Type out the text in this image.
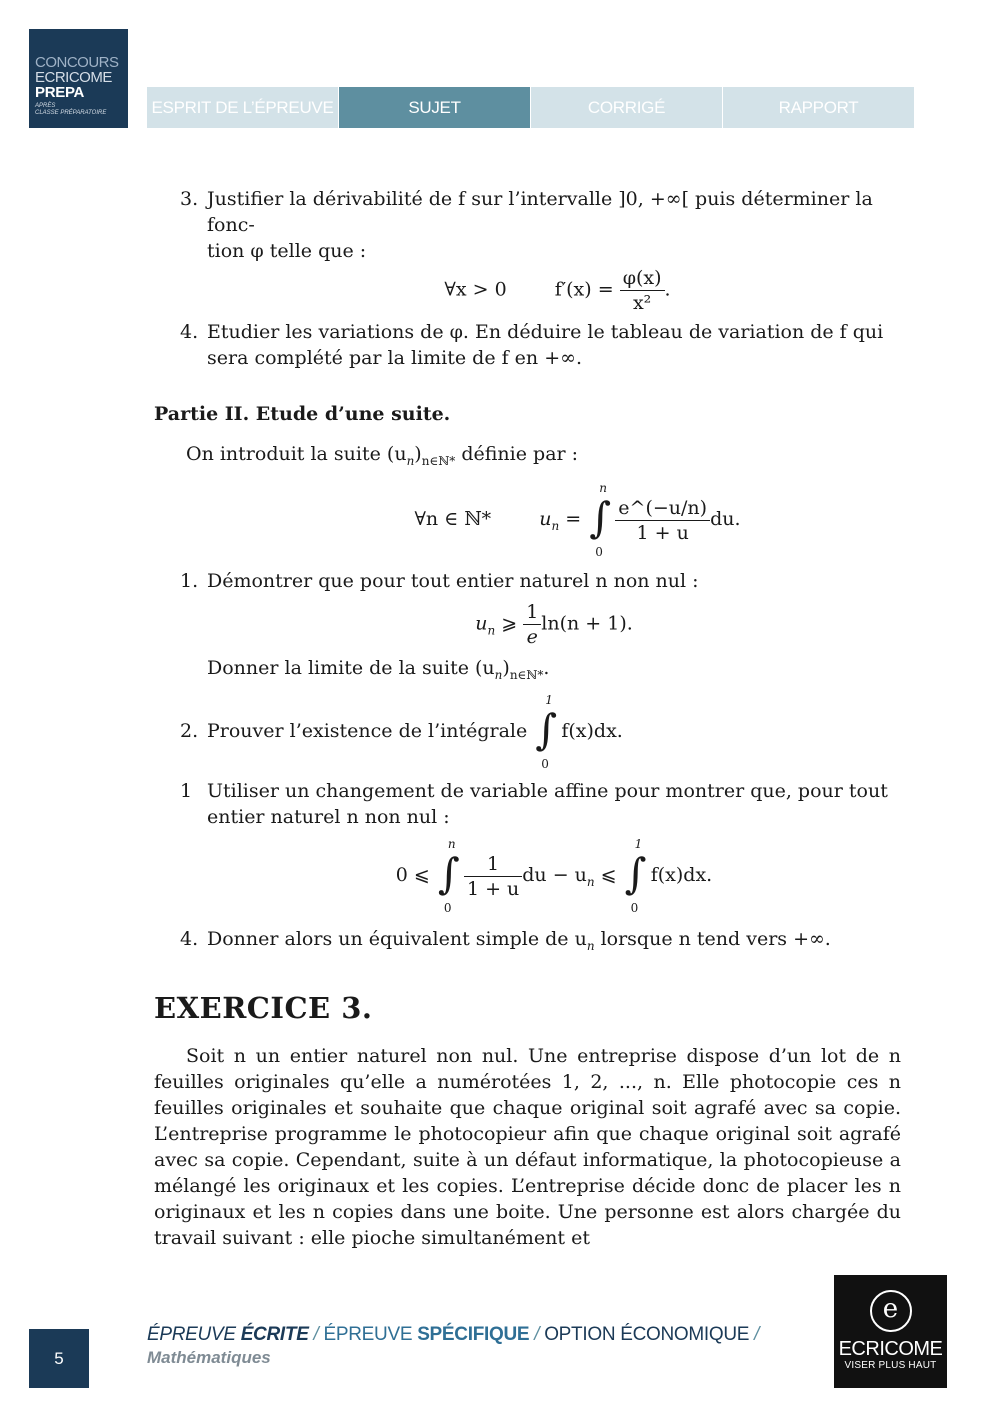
CONCOURS
ECRICOME
PREPA
APRÈS
CLASSE PRÉPARATOIRE	ESPRIT DE L’ÉPREUVE	SUJET	CORRIGÉ	RAPPORT
3. Justifier la dérivabilité de f sur l’intervalle ]0, +∞[ puis déterminer la fonc-
tion φ telle que :
∀x > 0	$f'(x) = \frac{\varphi(x)}{\text{x²}}$ .
4. Etudier les variations de φ. En déduire le tableau de variation de f qui sera complété par la limite de f en +∞.
Partie II. Etude d’une suite.
On introduit la suite $(u_n)_{n\in ℕ*}$ définie par :
∀n ∈ ℕ*	$u_n$ =
n
∫
0

$\frac{e\^{}(-u/n)}{1 + u}$ du.
1. Démontrer que pour tout entier naturel n non nul :
$u_n$ ⩾ $\frac{1}{e} \ln(n + 1)$.
Donner la limite de la suite $(u_n)_{n\in ℕ*}$.
2. Prouver l’existence de l’intégrale
1
∫
0
f(x)dx.
1 Utiliser un changement de variable affine pour montrer que, pour tout entier naturel n non nul :
0 ⩽
n
∫
0

$\frac{1}{1 + u}$ du − $u_n$ ⩽
1
∫
0
f(x)dx.
4. Donner alors un équivalent simple de $u_n$ lorsque n tend vers +∞.
EXERCICE 3.
Soit n un entier naturel non nul. Une entreprise dispose d’un lot de n feuilles originales qu’elle a numérotées 1, 2, ..., n. Elle photocopie ces n feuilles originales et souhaite que chaque original soit agrafé avec sa copie. L’entreprise programme le photocopieur afin que chaque original soit agrafé avec sa copie. Cependant, suite à un défaut informatique, la photocopieuse a mélangé les originaux et les copies. L’entreprise décide donc de placer les n originaux et les n copies dans une boite. Une personne est alors chargée du travail suivant : elle pioche simultanément et
5
ÉPREUVE ÉCRITE / ÉPREUVE SPÉCIFIQUE / OPTION ÉCONOMIQUE /
Mathématiques
e
ECRICOME
VISER PLUS HAUT
